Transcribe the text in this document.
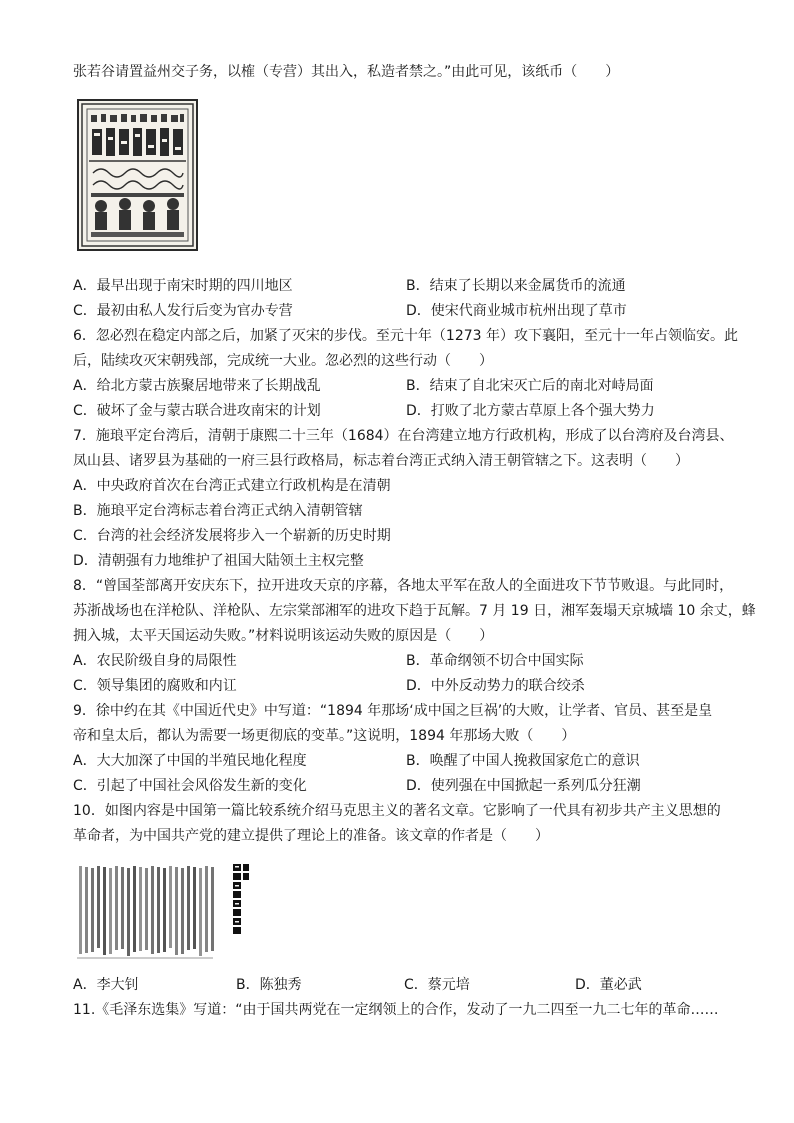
张若谷请置益州交子务，以榷（专营）其出入，私造者禁之。”由此可见，该纸币（　　）
A．最早出现于南宋时期的四川地区	B．结束了长期以来金属货币的流通
C．最初由私人发行后变为官办专营	D．使宋代商业城市杭州出现了草市
6．忽必烈在稳定内部之后，加紧了灭宋的步伐。至元十年（1273 年）攻下襄阳，至元十一年占领临安。此
后，陆续攻灭宋朝残部，完成统一大业。忽必烈的这些行动（　　）
A．给北方蒙古族聚居地带来了长期战乱	B．结束了自北宋灭亡后的南北对峙局面
C．破坏了金与蒙古联合进攻南宋的计划	D．打败了北方蒙古草原上各个强大势力
7．施琅平定台湾后，清朝于康熙二十三年（1684）在台湾建立地方行政机构，形成了以台湾府及台湾县、
凤山县、诸罗县为基础的一府三县行政格局，标志着台湾正式纳入清王朝管辖之下。这表明（　　）
A．中央政府首次在台湾正式建立行政机构是在清朝
B．施琅平定台湾标志着台湾正式纳入清朝管辖
C．台湾的社会经济发展将步入一个崭新的历史时期
D．清朝强有力地维护了祖国大陆领土主权完整
8．“曾国荃部离开安庆东下，拉开进攻天京的序幕，各地太平军在敌人的全面进攻下节节败退。与此同时，
苏浙战场也在洋枪队、洋枪队、左宗棠部湘军的进攻下趋于瓦解。7 月 19 日，湘军轰塌天京城墙 10 余丈，蜂
拥入城，太平天国运动失败。”材料说明该运动失败的原因是（　　）
A．农民阶级自身的局限性	B．革命纲领不切合中国实际
C．领导集团的腐败和内讧	D．中外反动势力的联合绞杀
9．徐中约在其《中国近代史》中写道：“1894 年那场‘成中国之巨祸’的大败，让学者、官员、甚至是皇
帝和皇太后，都认为需要一场更彻底的变革。”这说明，1894 年那场大败（　　）
A．大大加深了中国的半殖民地化程度	B．唤醒了中国人挽救国家危亡的意识
C．引起了中国社会风俗发生新的变化	D．使列强在中国掀起一系列瓜分狂潮
10．如图内容是中国第一篇比较系统介绍马克思主义的著名文章。它影响了一代具有初步共产主义思想的
革命者，为中国共产党的建立提供了理论上的准备。该文章的作者是（　　）
A．李大钊	B．陈独秀	C．蔡元培	D．董必武
11.《毛泽东选集》写道：“由于国共两党在一定纲领上的合作，发动了一九二四至一九二七年的革命……
